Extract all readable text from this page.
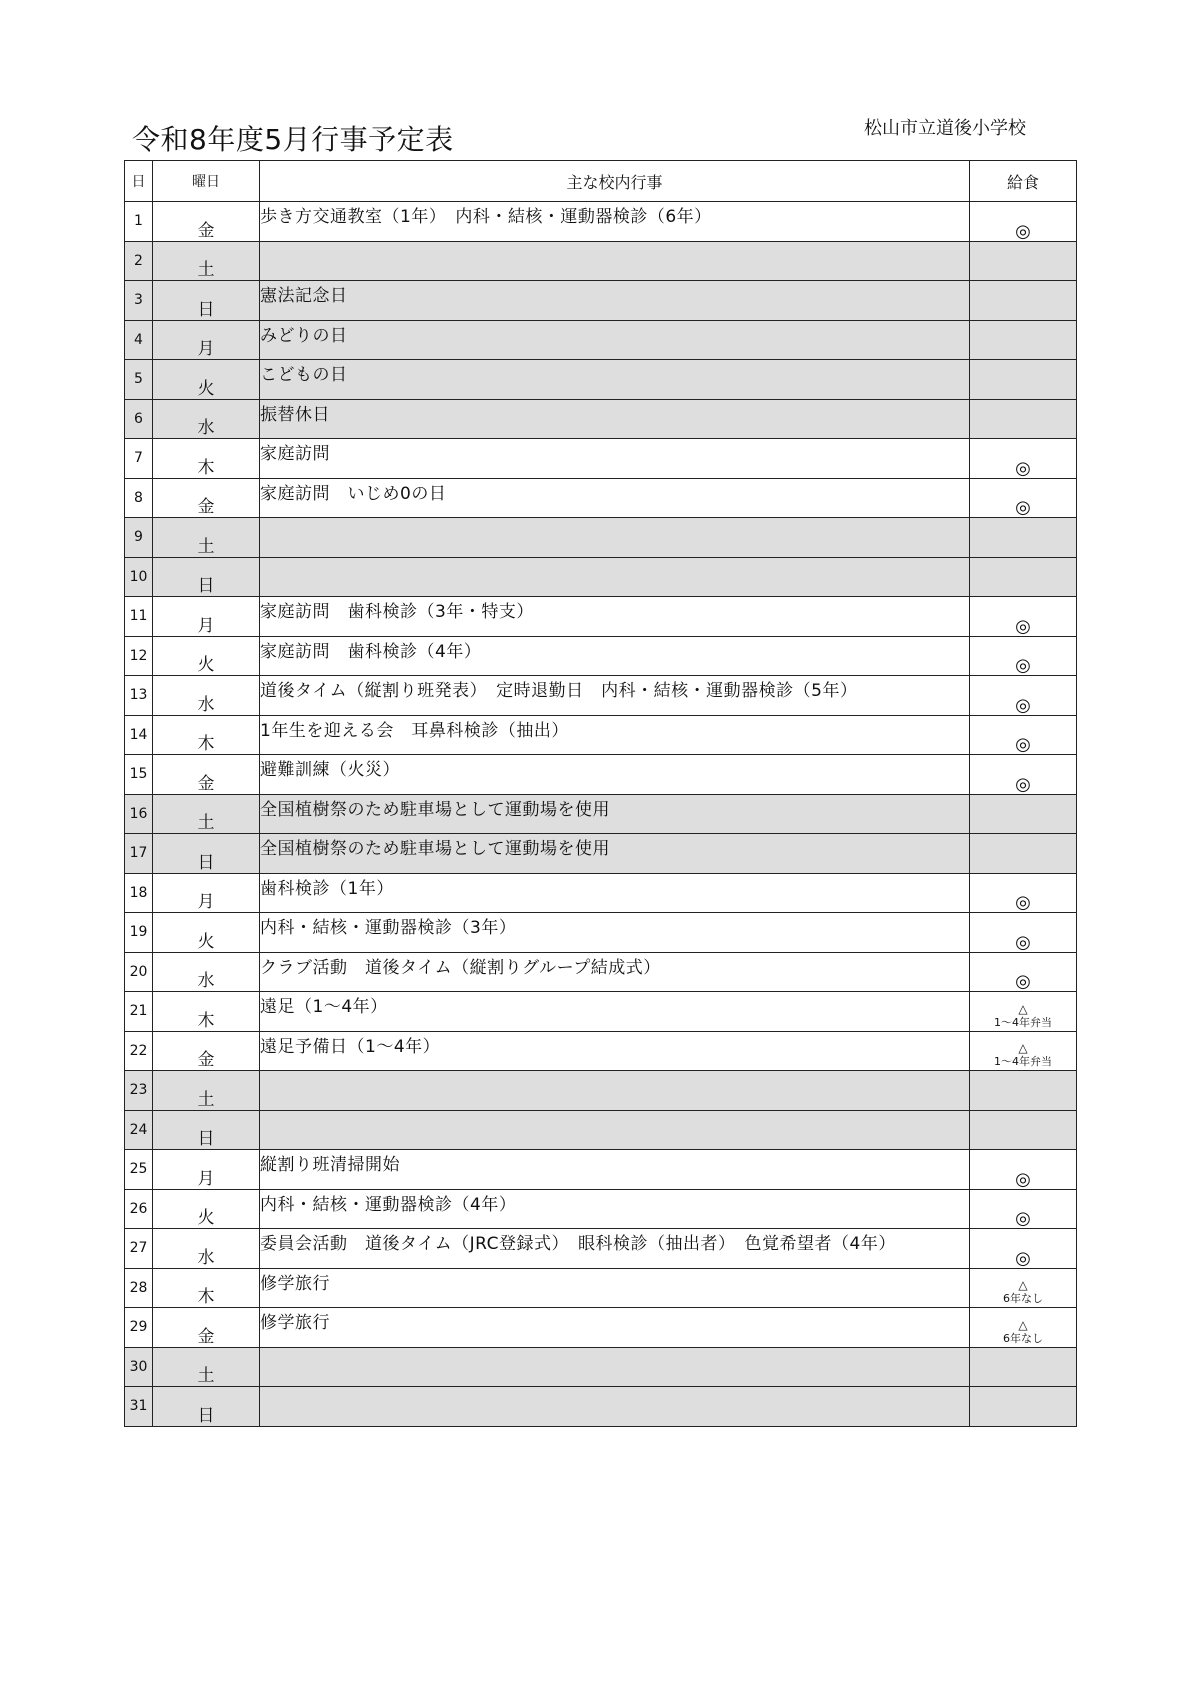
令和8年度5月行事予定表	松山市立道後小学校
日	曜日	主な校内行事	給食
1	金	歩き方交通教室（1年）　内科・結核・運動器検診（6年）	◎

2	土		

3	日	憲法記念日	

4	月	みどりの日	

5	火	こどもの日	

6	水	振替休日	

7	木	家庭訪問	◎

8	金	家庭訪問　いじめ0の日	◎

9	土		

10	日		

11	月	家庭訪問　歯科検診（3年・特支）	◎

12	火	家庭訪問　歯科検診（4年）	◎

13	水	道後タイム（縦割り班発表）　定時退勤日　内科・結核・運動器検診（5年）	◎

14	木	1年生を迎える会　耳鼻科検診（抽出）	◎

15	金	避難訓練（火災）	◎

16	土	全国植樹祭のため駐車場として運動場を使用	

17	日	全国植樹祭のため駐車場として運動場を使用	

18	月	歯科検診（1年）	◎

19	火	内科・結核・運動器検診（3年）	◎

20	水	クラブ活動　道後タイム（縦割りグループ結成式）	◎

21	木	遠足（1～4年）	△
1～4年弁当

22	金	遠足予備日（1～4年）	△
1～4年弁当

23	土		

24	日		

25	月	縦割り班清掃開始	◎

26	火	内科・結核・運動器検診（4年）	◎

27	水	委員会活動　道後タイム（JRC登録式）　眼科検診（抽出者）　色覚希望者（4年）	◎

28	木	修学旅行	△
6年なし

29	金	修学旅行	△
6年なし

30	土		

31	日		
